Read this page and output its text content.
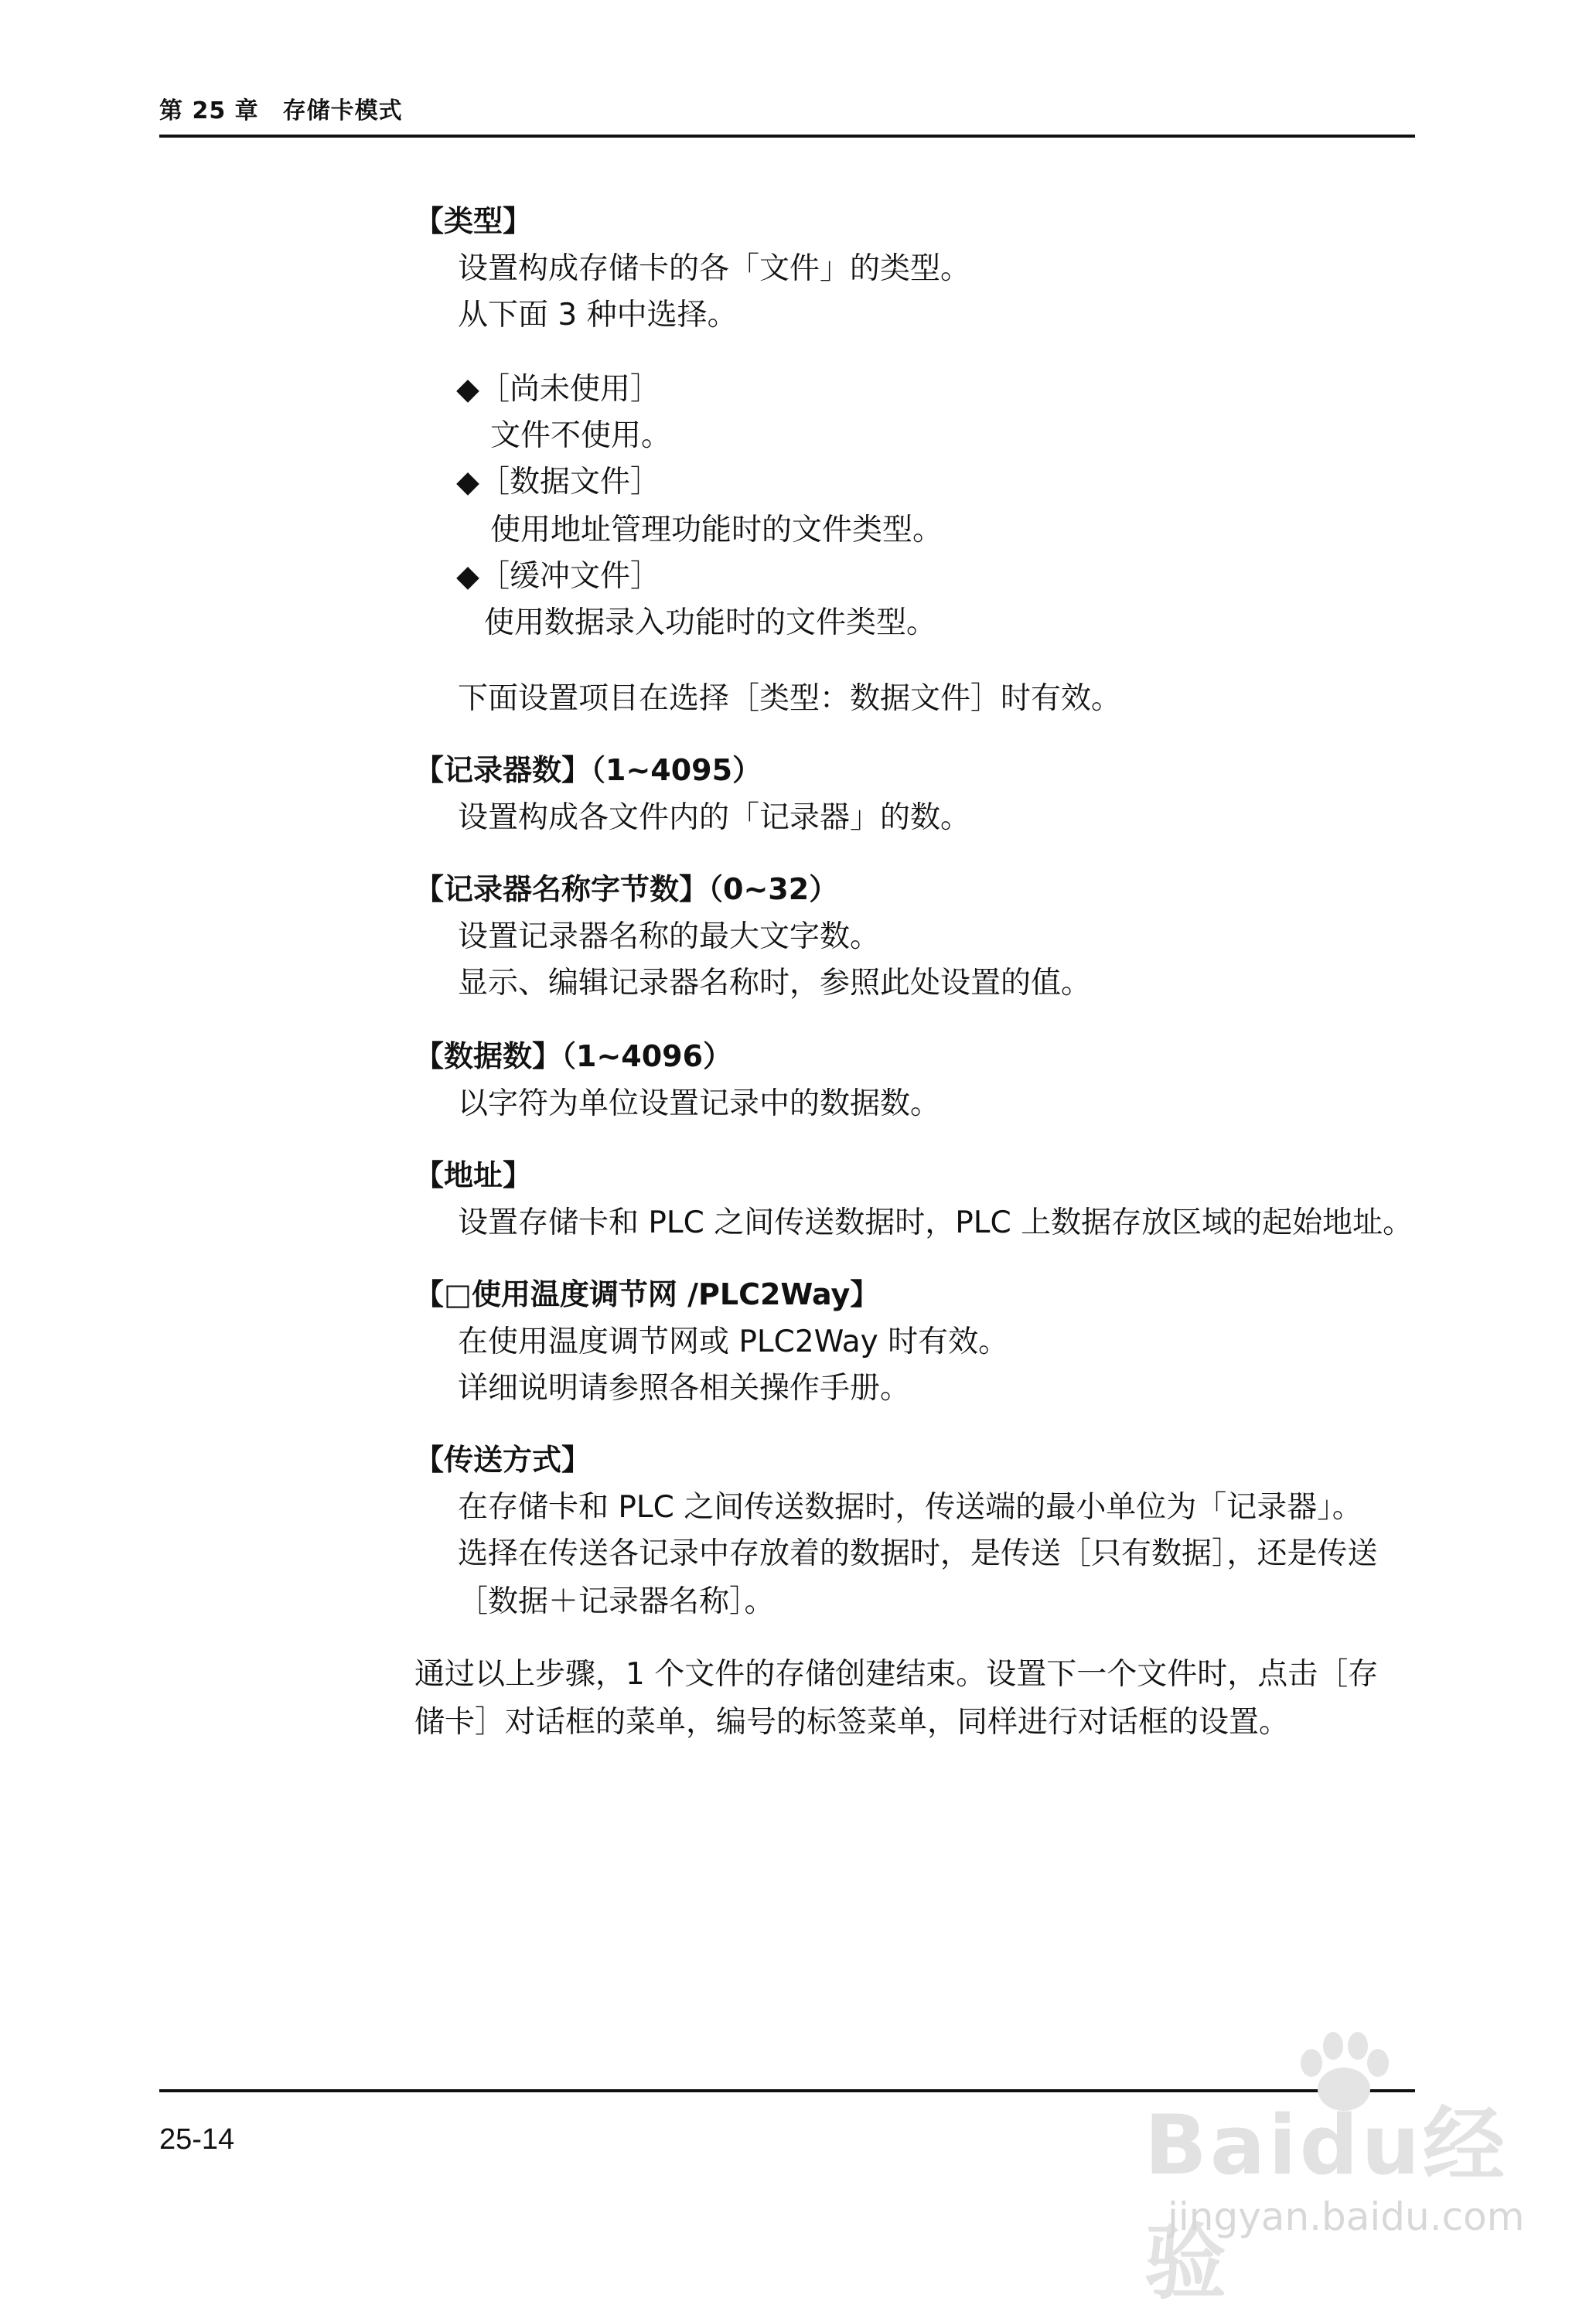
第 25 章　存储卡模式
【类型】
设置构成存储卡的各「文件」的类型。
从下面 3 种中选择。
◆［尚未使用］
文件不使用。
◆［数据文件］
使用地址管理功能时的文件类型。
◆［缓冲文件］
使用数据录入功能时的文件类型。
下面设置项目在选择［类型：数据文件］时有效。
【记录器数】（1~4095）
设置构成各文件内的「记录器」的数。
【记录器名称字节数】（0~32）
设置记录器名称的最大文字数。
显示、编辑记录器名称时，参照此处设置的值。
【数据数】（1~4096）
以字符为单位设置记录中的数据数。
【地址】
设置存储卡和 PLC 之间传送数据时，PLC 上数据存放区域的起始地址。
【□使用温度调节网 /PLC2Way】
在使用温度调节网或 PLC2Way 时有效。
详细说明请参照各相关操作手册。
【传送方式】
在存储卡和 PLC 之间传送数据时，传送端的最小单位为「记录器」。
选择在传送各记录中存放着的数据时，是传送［只有数据］，还是传送
［数据＋记录器名称］。
通过以上步骤，1 个文件的存储创建结束。设置下一个文件时，点击［存
储卡］对话框的菜单，编号的标签菜单，同样进行对话框的设置。
25-14	Baidu经验
jingyan.baidu.com
